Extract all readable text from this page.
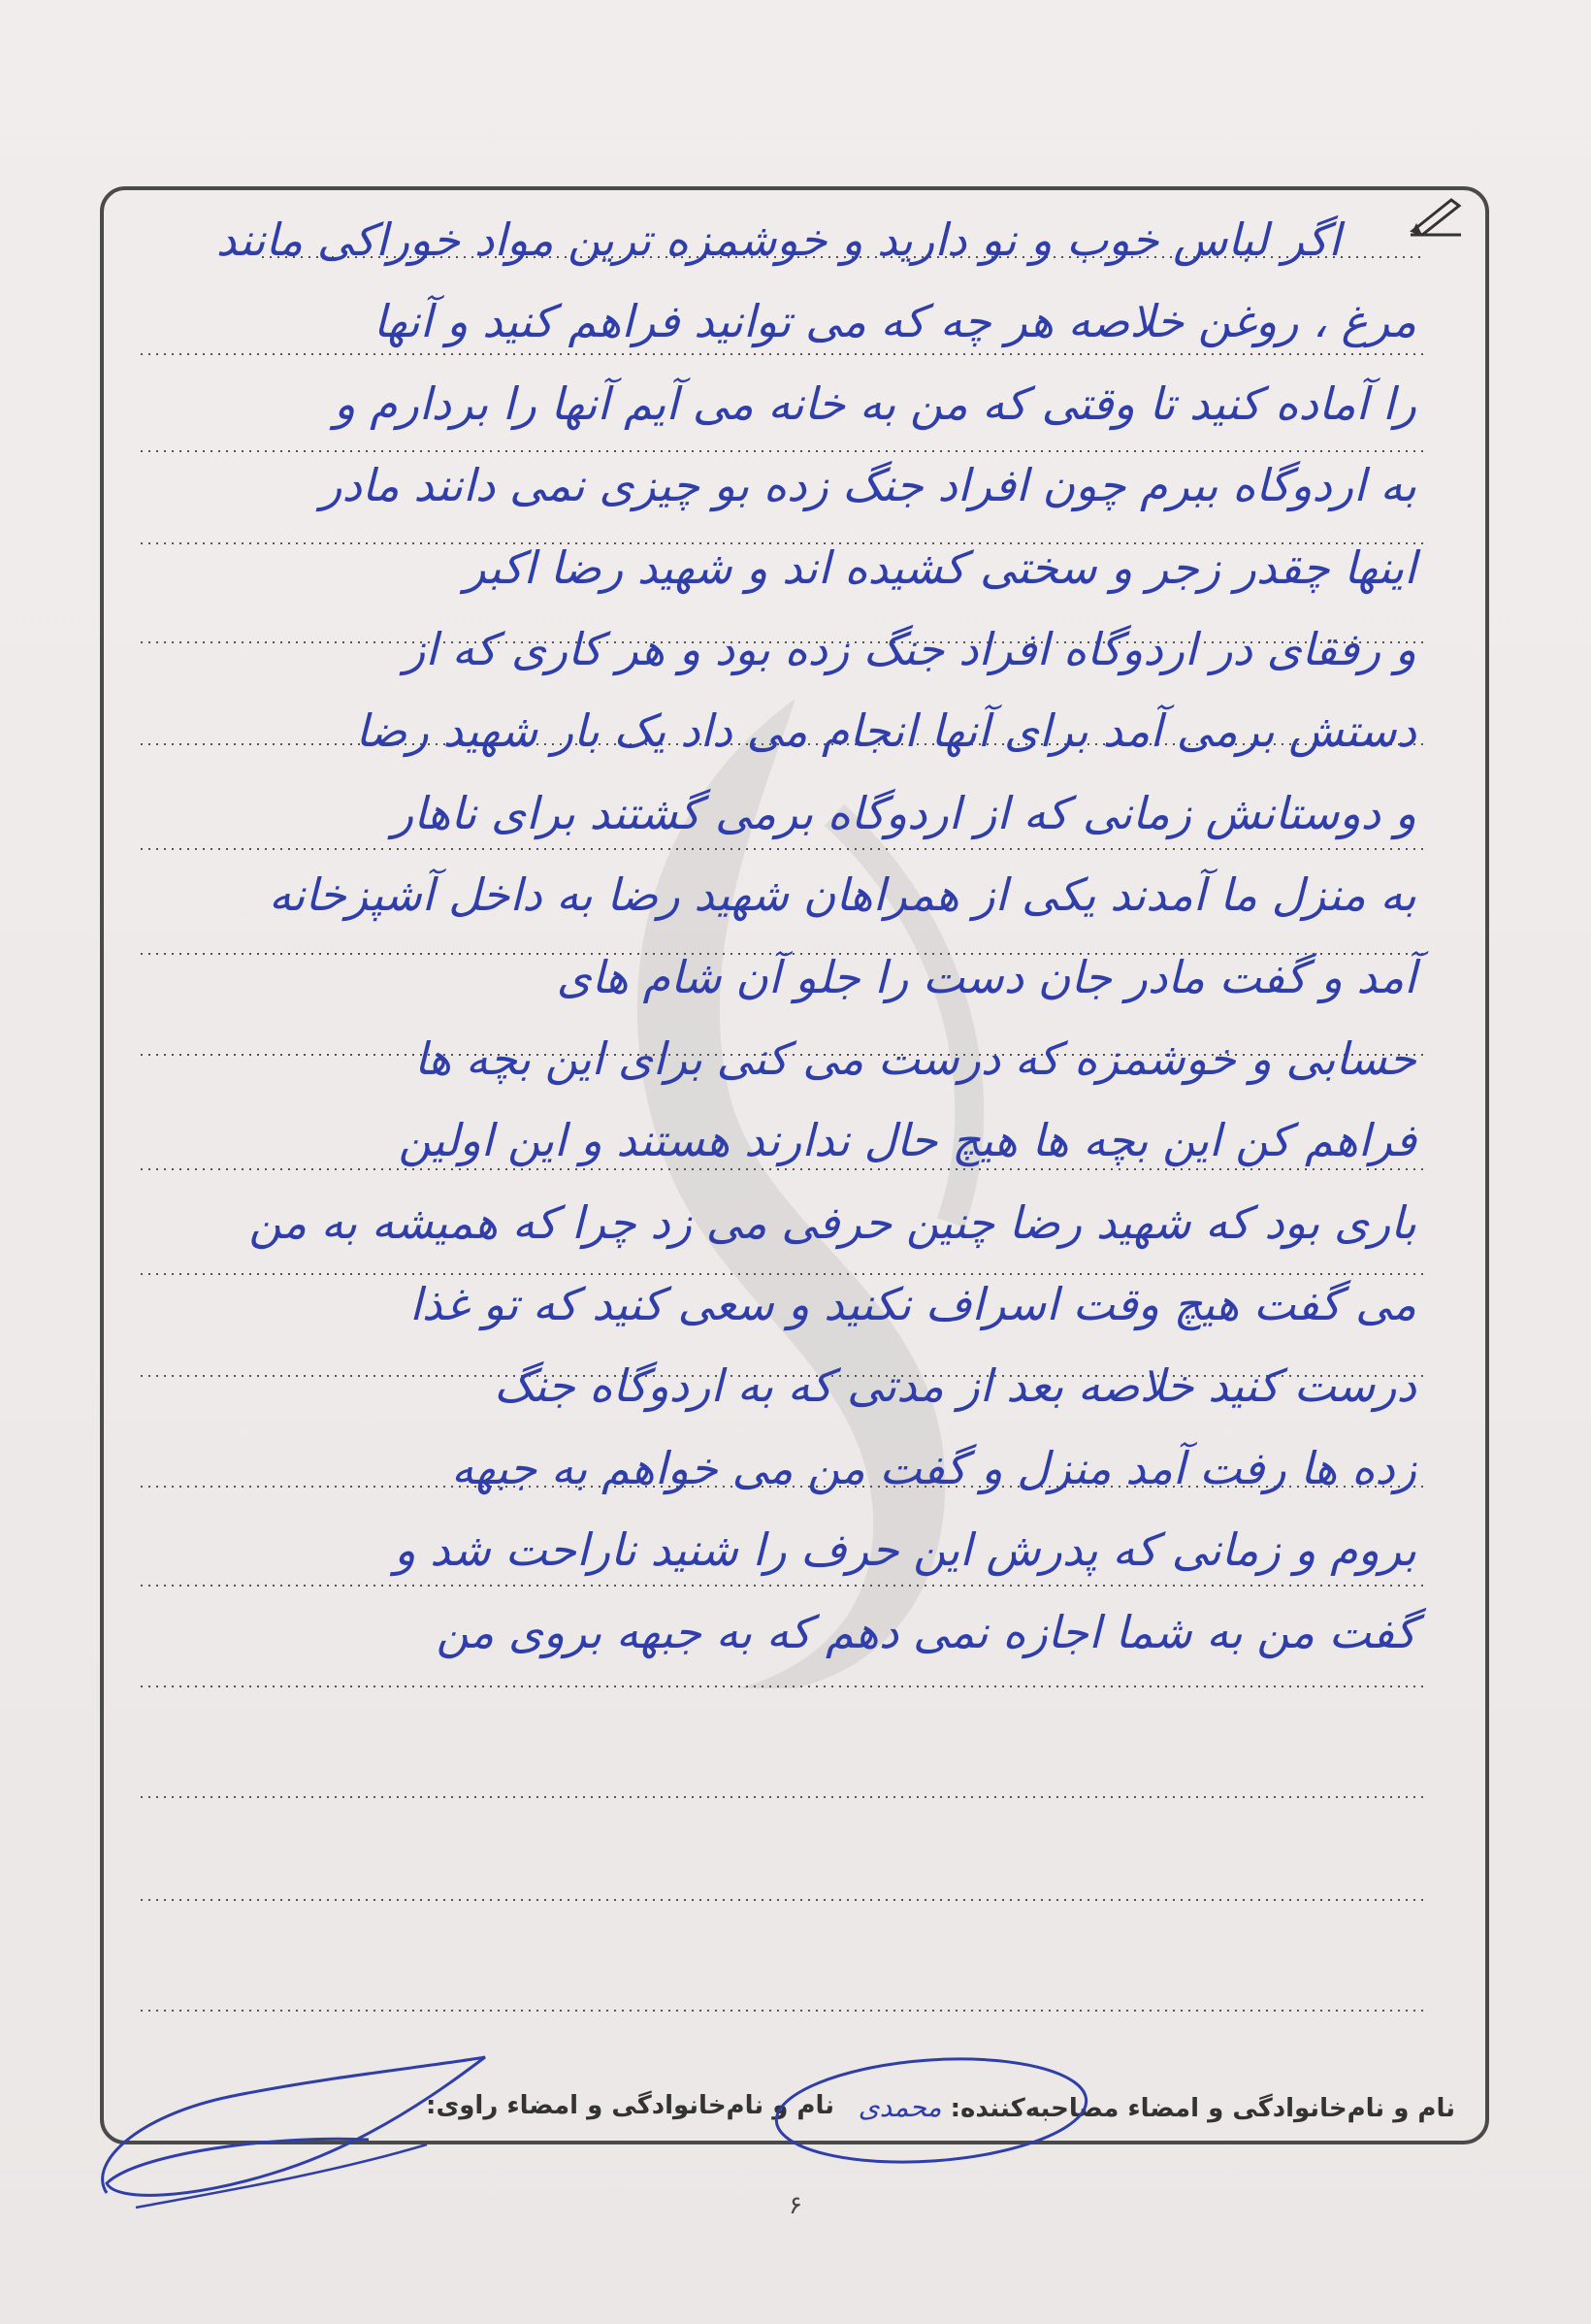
اگر لباس خوب و نو دارید و خوشمزه ترین مواد خوراکی مانند
مرغ ، روغن خلاصه هر چه که می توانید فراهم کنید و آنها
را آماده کنید تا وقتی که من به خانه می آیم آنها را بردارم و
به اردوگاه ببرم چون افراد جنگ زده بو چیزی نمی دانند مادر
اینها چقدر زجر و سختی کشیده اند و شهید رضا اکبر
و رفقای در اردوگاه افراد جنگ زده بود و هر کاری که از
دستش برمی آمد برای آنها انجام می داد یک بار شهید رضا
و دوستانش زمانی که از اردوگاه برمی گشتند برای ناهار
به منزل ما آمدند یکی از همراهان شهید رضا به داخل آشپزخانه
آمد و گفت مادر جان دست را جلو آن شام های
حسابی و خوشمزه که درست می کنی برای این بچه ها
فراهم کن این بچه ها هیچ حال ندارند هستند و این اولین
باری بود که شهید رضا چنین حرفی می زد چرا که همیشه به من
می گفت هیچ وقت اسراف نکنید و سعی کنید که تو غذا
درست کنید خلاصه بعد از مدتی که به اردوگاه جنگ
زده ها رفت آمد منزل و گفت من می خواهم به جبهه
بروم و زمانی که پدرش این حرف را شنید ناراحت شد و
گفت من به شما اجازه نمی دهم که به جبهه بروی من
نام و نام‌خانوادگی و امضاء مصاحبه‌کننده: محمدی
نام و نام‌خانوادگی و امضاء راوی:
۶
